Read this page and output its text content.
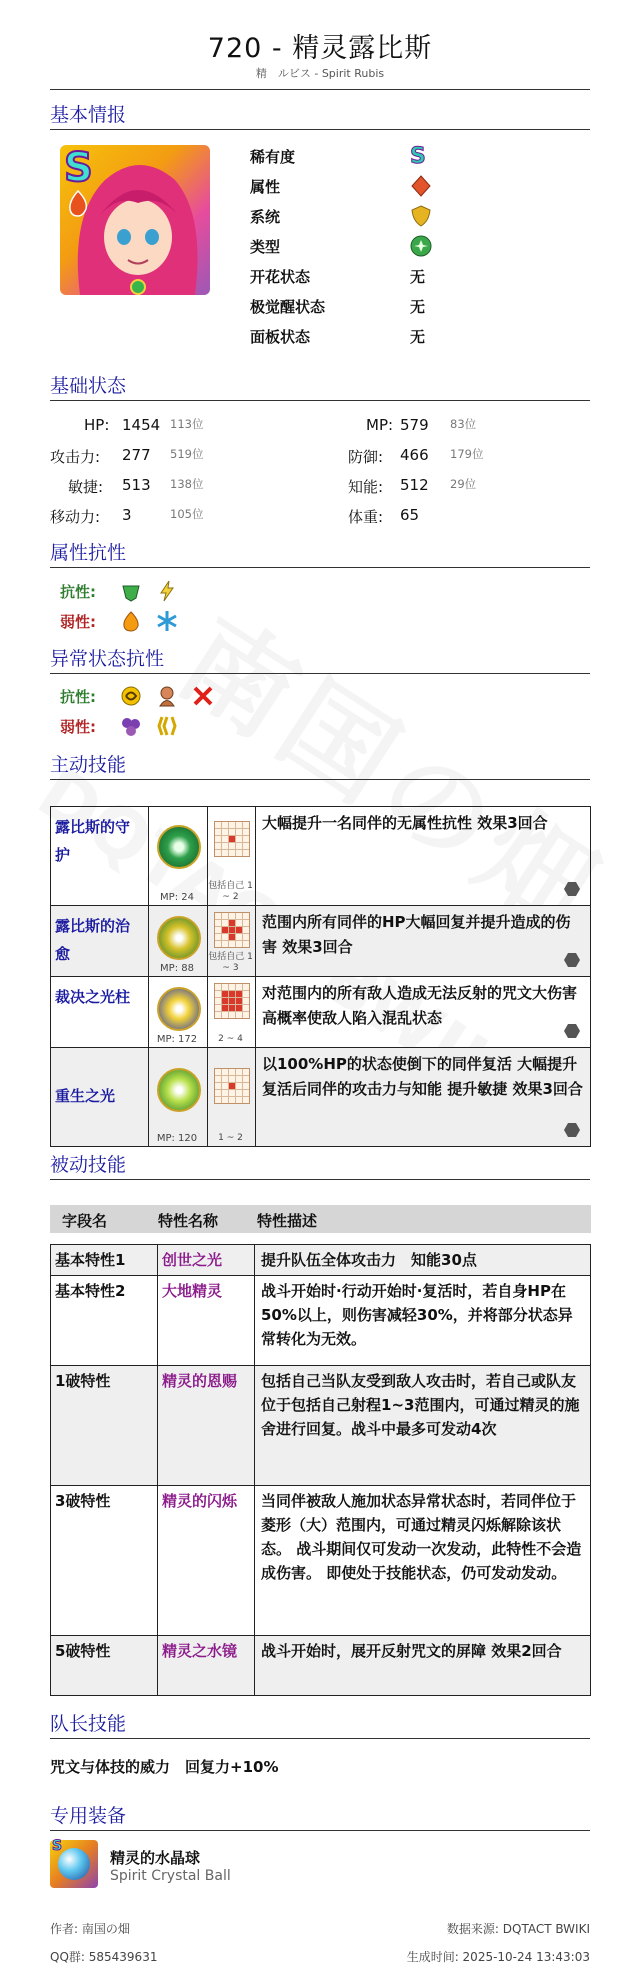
720 - 精灵露比斯
精　ルビス - Spirit Rubis
基本情报
S	稀有度	S
属性
系统
类型
开花状态	无
极觉醒状态	无
面板状态	无
基础状态
HP: 1454 113位	MP: 579 83位
攻击力: 277 519位	防御: 466 179位
敏捷: 513 138位	知能: 512 29位
移动力: 3	105位	体重: 65
属性抗性
抗性:
弱性:
异常状态抗性
抗性:
弱性:
主动技能
露比斯的守护	MP: 24	包括自己 1 ~ 2	大幅提升一名同伴的无属性抗性 效果3回合

露比斯的治愈	MP: 88	包括自己 1 ~ 3	范围内所有同伴的HP大幅回复并提升造成的伤害 效果3回合

裁决之光柱	MP: 172	2 ~ 4	对范围内的所有敌人造成无法反射的咒文大伤害 高概率使敌人陷入混乱状态

重生之光	MP: 120	1 ~ 2	以100%HP的状态使倒下的同伴复活 大幅提升复活后同伴的攻击力与知能 提升敏捷 效果3回合
被动技能
字段名	特性名称	特性描述
基本特性1	创世之光	提升队伍全体攻击力　知能30点
基本特性2	大地精灵	战斗开始时·行动开始时·复活时，若自身HP在50%以上，则伤害减轻30%，并将部分状态异常转化为无效。
1破特性	精灵的恩赐	包括自己当队友受到敌人攻击时，若自己或队友位于包括自己射程1~3范围内，可通过精灵的施舍进行回复。战斗中最多可发动4次
3破特性	精灵的闪烁	当同伴被敌人施加状态异常状态时，若同伴位于菱形（大）范围内，可通过精灵闪烁解除该状态。 战斗期间仅可发动一次发动，此特性不会造成伤害。 即使处于技能状态，仍可发动发动。
5破特性	精灵之水镜	战斗开始时，展开反射咒文的屏障 效果2回合
队长技能
咒文与体技的威力　回复力+10%
专用装备
S
精灵的水晶球
Spirit Crystal Ball
作者: 南国の畑
QQ群: 585439631
数据来源: DQTACT BWIKI
生成时间: 2025-10-24 13:43:03
